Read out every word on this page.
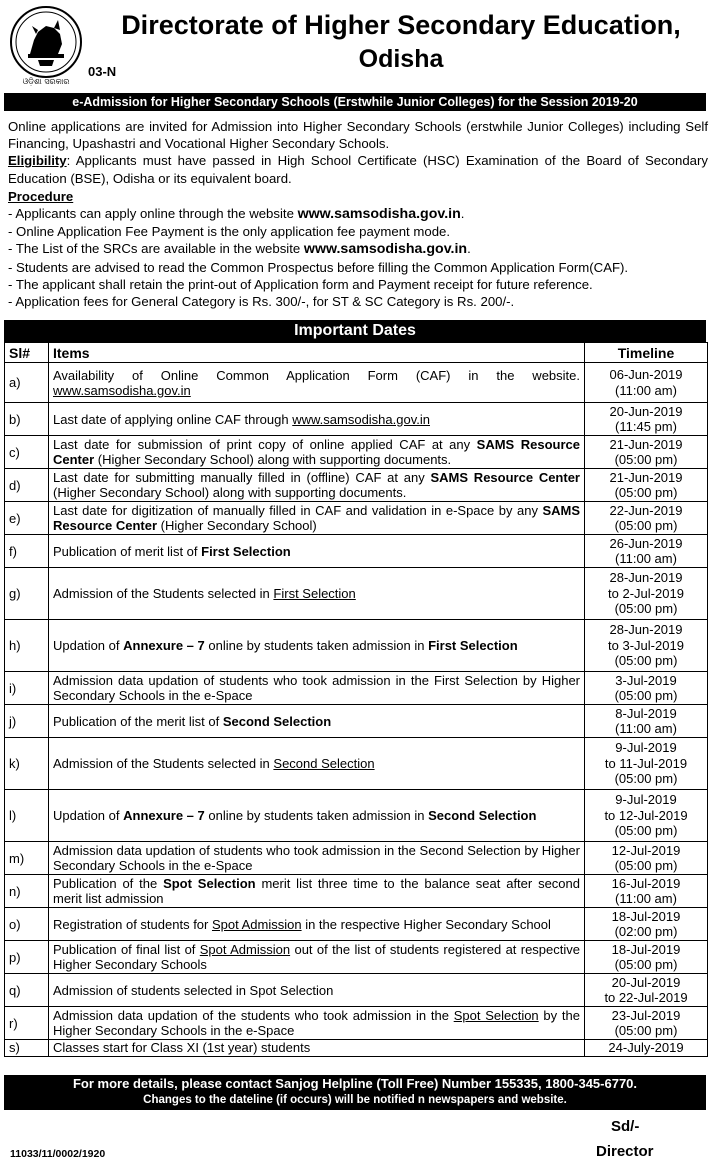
ଓଡ଼ିଶା ସରକାର
03-N
Directorate of Higher Secondary Education,
Odisha
e-Admission for Higher Secondary Schools (Erstwhile Junior Colleges) for the Session 2019-20

Online applications are invited for Admission into Higher Secondary Schools (erstwhile Junior Colleges) including Self Financing, Upashastri and Vocational Higher Secondary Schools.

Eligibility: Applicants must have passed in High School Certificate (HSC) Examination of the Board of Secondary Education (BSE), Odisha or its equivalent board.

Procedure

- Applicants can apply online through the website www.samsodisha.gov.in.
- Online Application Fee Payment is the only application fee payment mode.
- The List of the SRCs are available in the website www.samsodisha.gov.in.
- Students are advised to read the Common Prospectus before filling the Common Application Form(CAF).
- The applicant shall retain the print-out of Application form and Payment receipt for future reference.
- Application fees for General Category is Rs. 300/-, for ST & SC Category is Rs. 200/-.
Important Dates
Sl#	Items	Timeline
a)	Availability of Online Common Application Form (CAF) in the website. www.samsodisha.gov.in	06-Jun-2019
(11:00 am)

b)	Last date of applying online CAF through www.samsodisha.gov.in	20-Jun-2019
(11:45 pm)

c)	Last date for submission of print copy of online applied CAF at any SAMS Resource Center (Higher Secondary School) along with supporting documents.	21-Jun-2019
(05:00 pm)

d)	Last date for submitting manually filled in (offline) CAF at any SAMS Resource Center (Higher Secondary School) along with supporting documents.	21-Jun-2019
(05:00 pm)

e)	Last date for digitization of manually filled in CAF and validation in e-Space by any SAMS Resource Center (Higher Secondary School)	22-Jun-2019
(05:00 pm)

f)	Publication of merit list of First Selection	26-Jun-2019
(11:00 am)

g)	Admission of the Students selected in First Selection	28-Jun-2019
to 2-Jul-2019
(05:00 pm)

h)	Updation of Annexure – 7 online by students taken admission in First Selection	28-Jun-2019
to 3-Jul-2019
(05:00 pm)

i)	Admission data updation of students who took admission in the First Selection by Higher Secondary Schools in the e-Space	3-Jul-2019
(05:00 pm)

j)	Publication of the merit list of Second Selection	8-Jul-2019
(11:00 am)

k)	Admission of the Students selected in Second Selection	9-Jul-2019
to 11-Jul-2019
(05:00 pm)

l)	Updation of Annexure – 7 online by students taken admission in Second Selection	9-Jul-2019
to 12-Jul-2019
(05:00 pm)

m)	Admission data updation of students who took admission in the Second Selection by Higher Secondary Schools in the e-Space	12-Jul-2019
(05:00 pm)

n)	Publication of the Spot Selection merit list three time to the balance seat after second merit list admission	16-Jul-2019
(11:00 am)

o)	Registration of students for Spot Admission in the respective Higher Secondary School	18-Jul-2019
(02:00 pm)

p)	Publication of final list of Spot Admission out of the list of students registered at respective Higher Secondary Schools	18-Jul-2019
(05:00 pm)

q)	Admission of students selected in Spot Selection	20-Jul-2019
to 22-Jul-2019

r)	Admission data updation of the students who took admission in the Spot Selection by the Higher Secondary Schools in the e-Space	23-Jul-2019
(05:00 pm)

s)	Classes start for Class XI (1st year) students	24-July-2019
For more details, please contact Sanjog Helpline (Toll Free) Number 155335, 1800-345-6770.
Changes to the dateline (if occurs) will be notified n newspapers and website.
11033/11/0002/1920
Sd/-
Director
